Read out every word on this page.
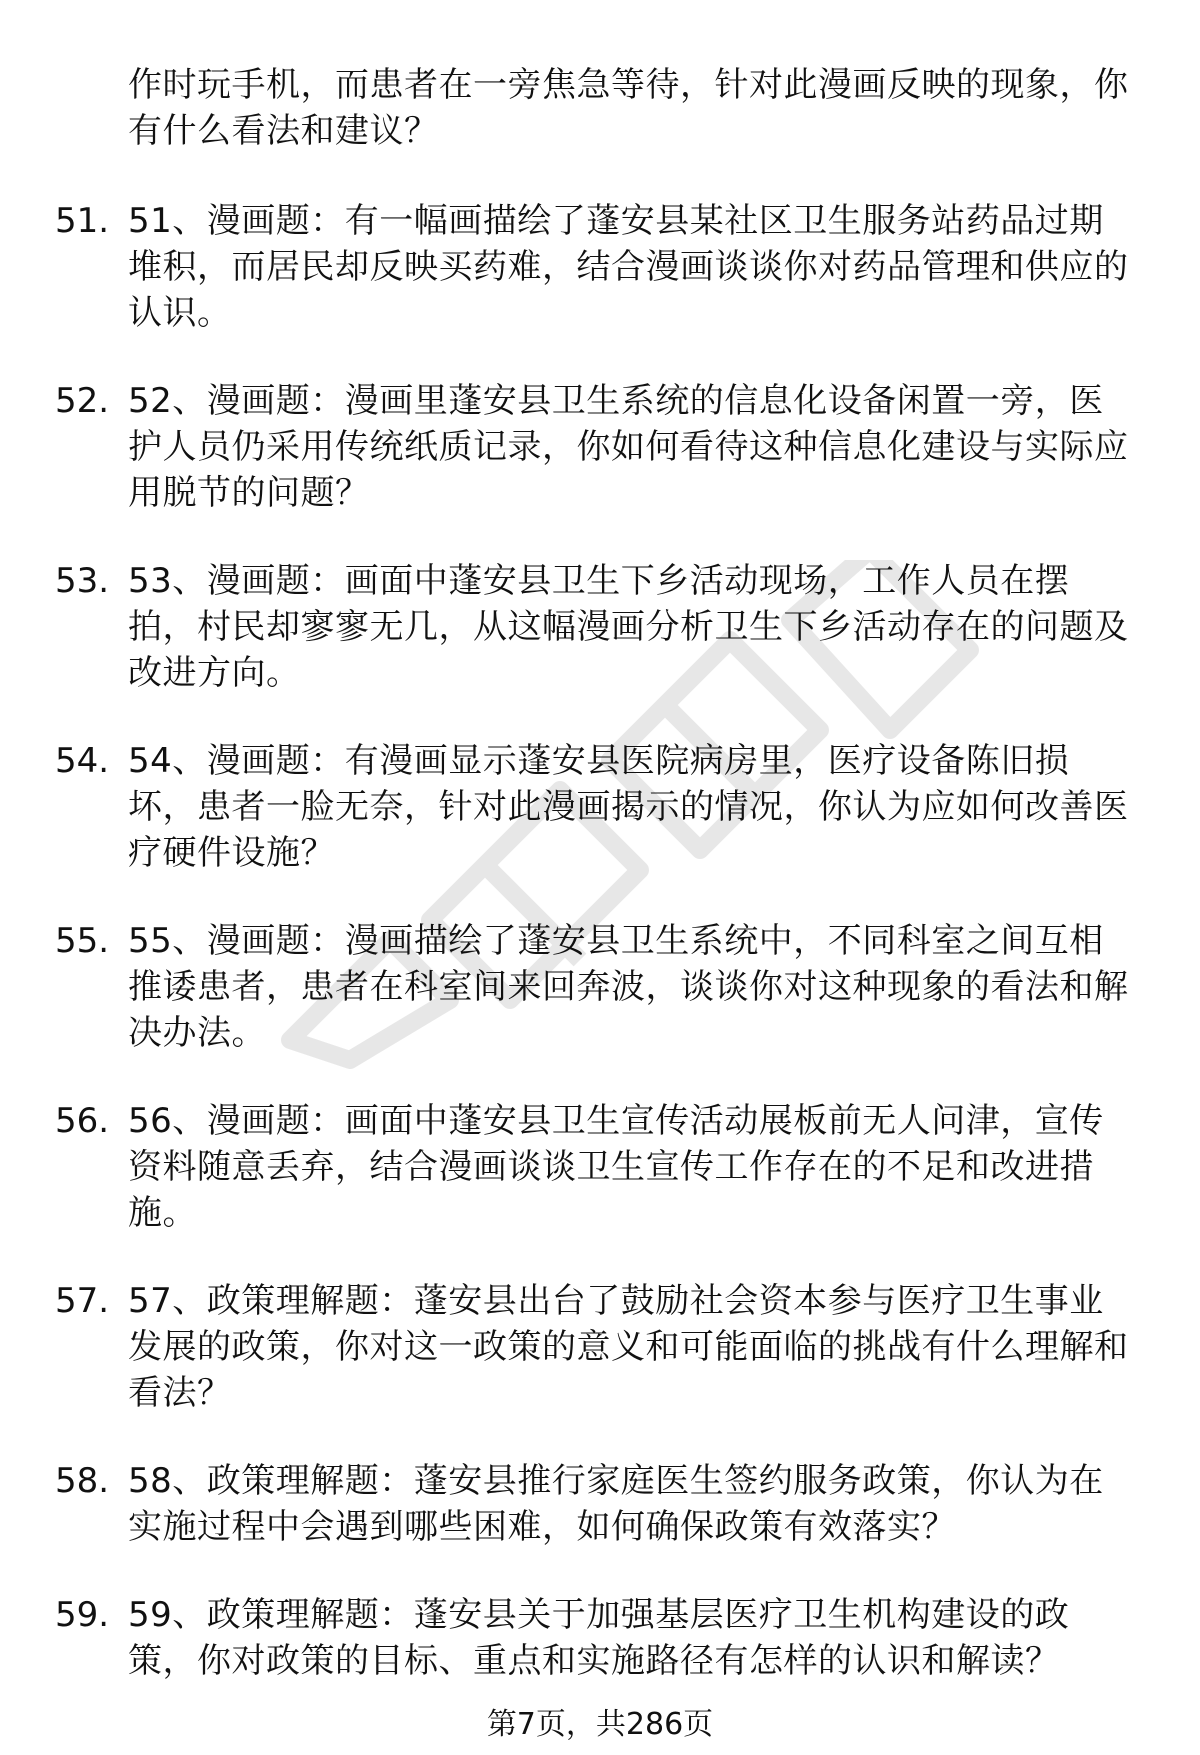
作时玩手机，而患者在一旁焦急等待，针对此漫画反映的现象，你有什么看法和建议？
51. 51、漫画题：有一幅画描绘了蓬安县某社区卫生服务站药品过期堆积，而居民却反映买药难，结合漫画谈谈你对药品管理和供应的认识。
52. 52、漫画题：漫画里蓬安县卫生系统的信息化设备闲置一旁，医护人员仍采用传统纸质记录，你如何看待这种信息化建设与实际应用脱节的问题？
53. 53、漫画题：画面中蓬安县卫生下乡活动现场，工作人员在摆拍，村民却寥寥无几，从这幅漫画分析卫生下乡活动存在的问题及改进方向。
54. 54、漫画题：有漫画显示蓬安县医院病房里，医疗设备陈旧损坏，患者一脸无奈，针对此漫画揭示的情况，你认为应如何改善医疗硬件设施？
55. 55、漫画题：漫画描绘了蓬安县卫生系统中，不同科室之间互相推诿患者，患者在科室间来回奔波，谈谈你对这种现象的看法和解决办法。
56. 56、漫画题：画面中蓬安县卫生宣传活动展板前无人问津，宣传资料随意丢弃，结合漫画谈谈卫生宣传工作存在的不足和改进措施。
57. 57、政策理解题：蓬安县出台了鼓励社会资本参与医疗卫生事业发展的政策，你对这一政策的意义和可能面临的挑战有什么理解和看法？
58. 58、政策理解题：蓬安县推行家庭医生签约服务政策，你认为在实施过程中会遇到哪些困难，如何确保政策有效落实？
59. 59、政策理解题：蓬安县关于加强基层医疗卫生机构建设的政策，你对政策的目标、重点和实施路径有怎样的认识和解读？
第7页，共286页
